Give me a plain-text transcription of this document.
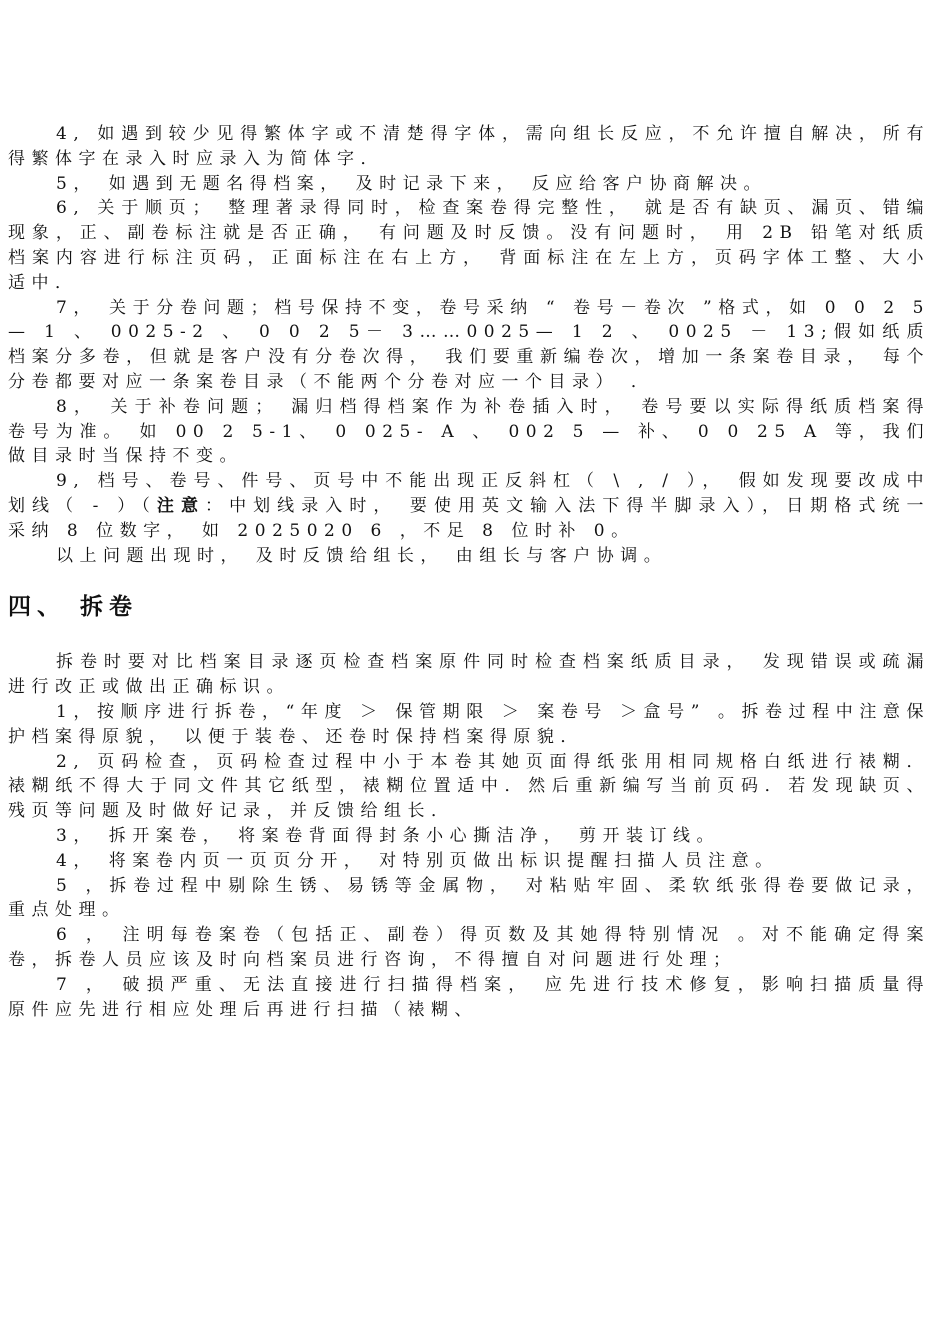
4, 如遇到较少见得繁体字或不清楚得字体，需向组长反应，不允许擅自解决，所有得繁体字在录入时应录入为简体字．

5， 如遇到无题名得档案， 及时记录下来， 反应给客户协商解决。

6, 关于顺页； 整理著录得同时，检查案卷得完整性， 就是否有缺页、漏页、错编现象，正、副卷标注就是否正确， 有问题及时反馈。没有问题时， 用 2B 铅笔对纸质档案内容进行标注页码，正面标注在右上方， 背面标注在左上方，页码字体工整、大小适中．

7， 关于分卷问题；档号保持不变，卷号采纳 “ 卷号－卷次 ”格式，如 0 0 2 5— 1 、 0025-2 、 0 0 2 5－ 3……0025— 1 2 、 0025 － 13;假如纸质档案分多卷，但就是客户没有分卷次得， 我们要重新编卷次，增加一条案卷目录， 每个分卷都要对应一条案卷目录（不能两个分卷对应一个目录） ．

8， 关于补卷问题； 漏归档得档案作为补卷插入时， 卷号要以实际得纸质档案得卷号为准。 如 00 2 5-1、 0 025- A 、 002 5 — 补、 0 0 25 A 等，我们做目录时当保持不变。

9, 档号、卷号、件号、页号中不能出现正反斜杠（ \ , / ）， 假如发现要改成中划线（ - ）（注意：中划线录入时， 要使用英文输入法下得半脚录入），日期格式统一采纳 8 位数字， 如 2025020 6 ，不足 8 位时补 0。

以上问题出现时， 及时反馈给组长， 由组长与客户协调。

四、 拆卷

拆卷时要对比档案目录逐页检查档案原件同时检查档案纸质目录， 发现错误或疏漏进行改正或做出正确标识。

1，按顺序进行拆卷，“年度 ＞ 保管期限 ＞ 案卷号 ＞盒号” 。拆卷过程中注意保护档案得原貌， 以便于装卷、还卷时保持档案得原貌．

2, 页码检查，页码检查过程中小于本卷其她页面得纸张用相同规格白纸进行裱糊．裱糊纸不得大于同文件其它纸型，裱糊位置适中．然后重新编写当前页码．若发现缺页、残页等问题及时做好记录，并反馈给组长．

3， 拆开案卷， 将案卷背面得封条小心撕洁净， 剪开装订线。

4， 将案卷内页一页页分开， 对特别页做出标识提醒扫描人员注意。

5 ，拆卷过程中剔除生锈、易锈等金属物， 对粘贴牢固、柔软纸张得卷要做记录， 重点处理。

6 ， 注明每卷案卷（包括正、副卷）得页数及其她得特别情况 。对不能确定得案卷，拆卷人员应该及时向档案员进行咨询，不得擅自对问题进行处理；

7 ， 破损严重、无法直接进行扫描得档案， 应先进行技术修复，影响扫描质量得原件应先进行相应处理后再进行扫描（裱糊、
